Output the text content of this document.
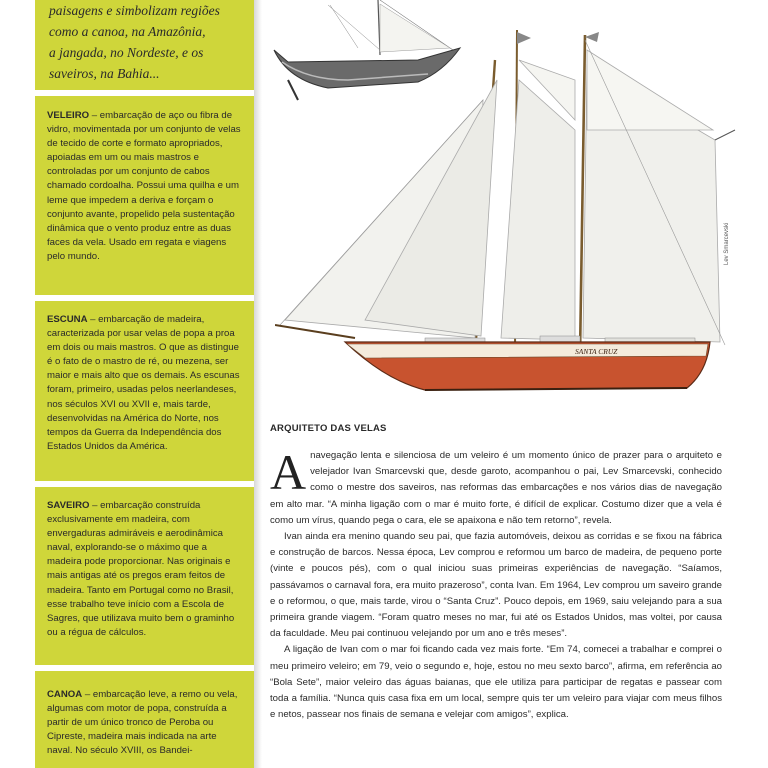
paisagens e simbolizam regiões
como a canoa, na Amazônia,
a jangada, no Nordeste, e os
saveiros, na Bahia...
VELEIRO – embarcação de aço ou fibra de vidro, movimentada por um conjunto de velas de tecido de corte e formato apropriados, apoiadas em um ou mais mastros e controladas por um conjunto de cabos chamado cordoalha. Possui uma quilha e um leme que impedem a deriva e forçam o conjunto avante, propelido pela sustentação dinâmica que o vento produz entre as duas faces da vela. Usado em regata e viagens pelo mundo.
ESCUNA – embarcação de madeira, caracterizada por usar velas de popa a proa em dois ou mais mastros. O que as distingue é o fato de o mastro de ré, ou mezena, ser maior e mais alto que os demais. As escunas foram, primeiro, usadas pelos neerlandeses, nos séculos XVI ou XVII e, mais tarde, desenvolvidas na América do Norte, nos tempos da Guerra da Independência dos Estados Unidos da América.
SAVEIRO – embarcação construída exclusivamente em madeira, com envergaduras admiráveis e aerodinâmica naval, explorando-se o máximo que a madeira pode proporcionar. Nas originais e mais antigas até os pregos eram feitos de madeira. Tanto em Portugal como no Brasil, esse trabalho teve início com a Escola de Sagres, que utilizava muito bem o graminho ou a régua de cálculos.
CANOA – embarcação leve, a remo ou vela, algumas com motor de popa, construída a partir de um único tronco de Peroba ou Cipreste, madeira mais indicada na arte naval. No século XVIII, os Bandei-
SANTA CRUZ
Lev Smarcevski
ARQUITETO DAS VELAS

Anavegação lenta e silenciosa de um veleiro é um momento único de prazer para o arquiteto e velejador Ivan Smarcevski que, desde garoto, acompanhou o pai, Lev Smarcevski, conhecido como o mestre dos saveiros, nas reformas das embarcações e nos vários dias de navegação em alto mar. “A minha ligação com o mar é muito forte, é difícil de explicar. Costumo dizer que a vela é como um vírus, quando pega o cara, ele se apaixona e não tem retorno”, revela.

Ivan ainda era menino quando seu pai, que fazia automóveis, deixou as corridas e se fixou na fábrica e construção de barcos. Nessa época, Lev comprou e reformou um barco de madeira, de pequeno porte (vinte e poucos pés), com o qual iniciou suas primeiras experiências de navegação. “Saíamos, passávamos o carnaval fora, era muito prazeroso”, conta Ivan. Em 1964, Lev comprou um saveiro grande e o reformou, o que, mais tarde, virou o “Santa Cruz”. Pouco depois, em 1969, saiu velejando para a sua primeira grande viagem. “Foram quatro meses no mar, fui até os Estados Unidos, mas voltei, por causa da faculdade. Meu pai continuou velejando por um ano e três meses”.

A ligação de Ivan com o mar foi ficando cada vez mais forte. “Em 74, comecei a trabalhar e comprei o meu primeiro veleiro; em 79, veio o segundo e, hoje, estou no meu sexto barco”, afirma, em referência ao “Bola Sete”, maior veleiro das águas baianas, que ele utiliza para participar de regatas e passear com toda a família. “Nunca quis casa fixa em um local, sempre quis ter um veleiro para viajar com meus filhos e netos, passear nos finais de semana e velejar com amigos”, explica.
